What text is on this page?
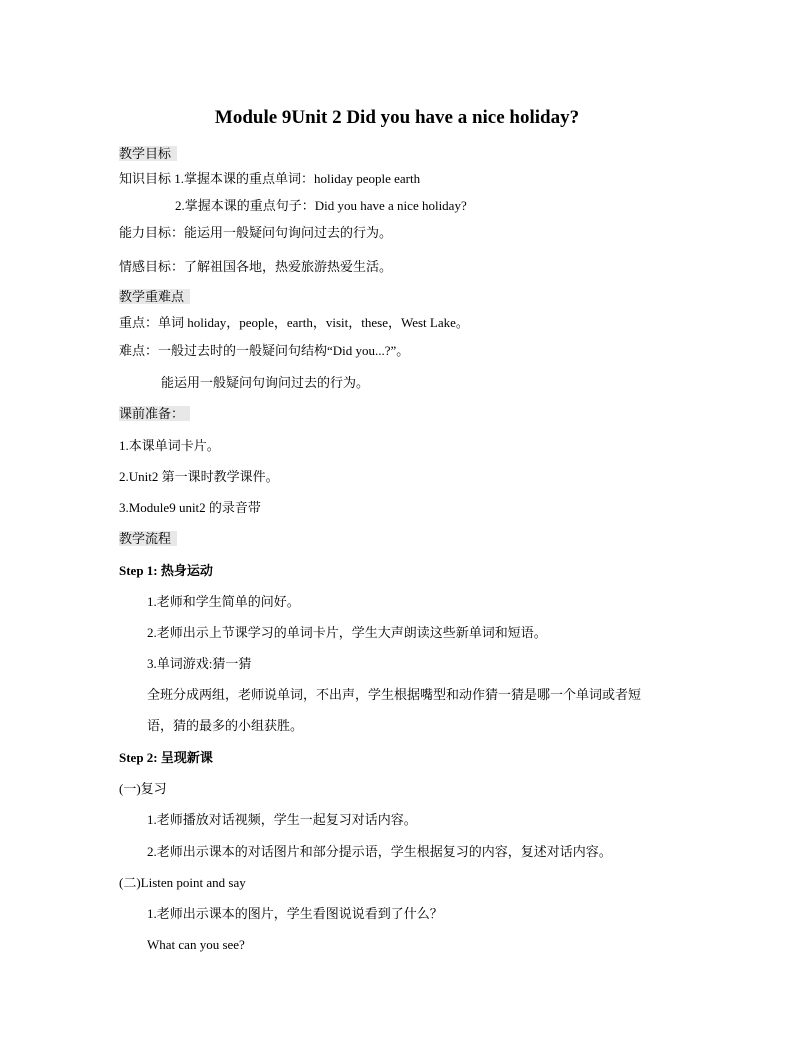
Module 9Unit 2 Did you have a nice holiday?
教学目标
知识目标 1.掌握本课的重点单词：holiday people earth
2.掌握本课的重点句子：Did you have a nice holiday?
能力目标：能运用一般疑问句询问过去的行为。
情感目标：了解祖国各地，热爱旅游热爱生活。
教学重难点
重点：单词 holiday，people，earth，visit，these，West Lake。
难点：一般过去时的一般疑问句结构“Did you...?”。
能运用一般疑问句询问过去的行为。
课前准备：
1.本课单词卡片。
2.Unit2 第一课时教学课件。
3.Module9 unit2 的录音带
教学流程
Step 1: 热身运动
1.老师和学生简单的问好。
2.老师出示上节课学习的单词卡片，学生大声朗读这些新单词和短语。
3.单词游戏:猜一猜
全班分成两组，老师说单词，不出声，学生根据嘴型和动作猜一猜是哪一个单词或者短
语，猜的最多的小组获胜。
Step 2: 呈现新课
(一)复习
1.老师播放对话视频，学生一起复习对话内容。
2.老师出示课本的对话图片和部分提示语，学生根据复习的内容，复述对话内容。
(二)Listen point and say
1.老师出示课本的图片，学生看图说说看到了什么？
What can you see?
